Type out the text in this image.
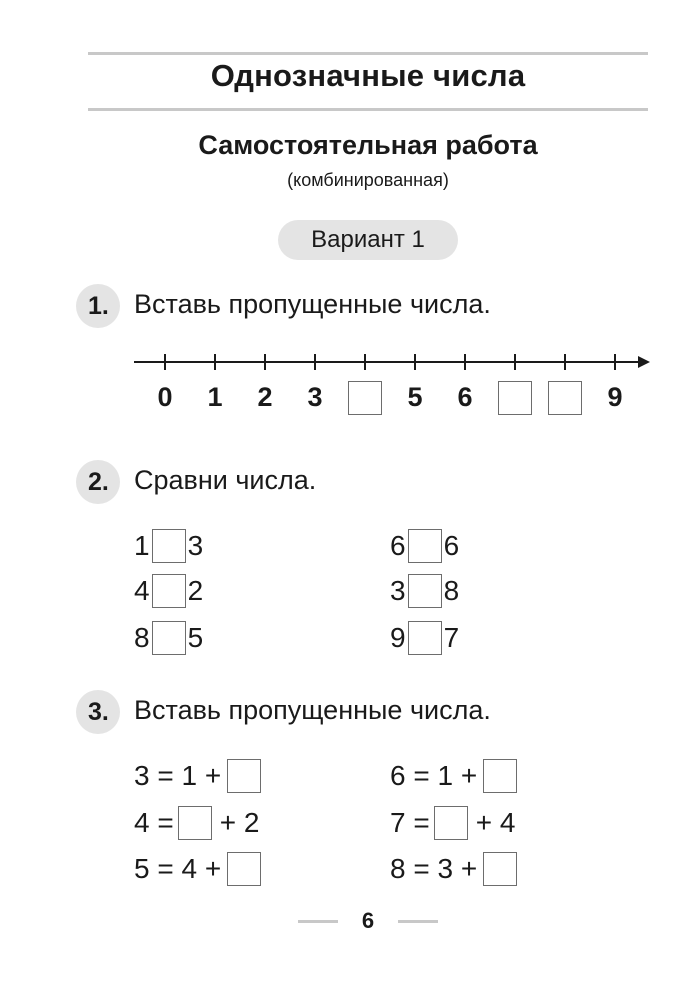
Однозначные числа
Самостоятельная работа
(комбинированная)
Вариант 1
1. Вставь пропущенные числа.
0 1 2 3	5 6	9
2. Сравни числа.
1 3
4 2
8 5
6 6
3 8
9 7
3. Вставь пропущенные числа.
3 = 1 +
4 = + 2
5 = 4 +
6 = 1 +
7 = + 4
8 = 3 +
6
